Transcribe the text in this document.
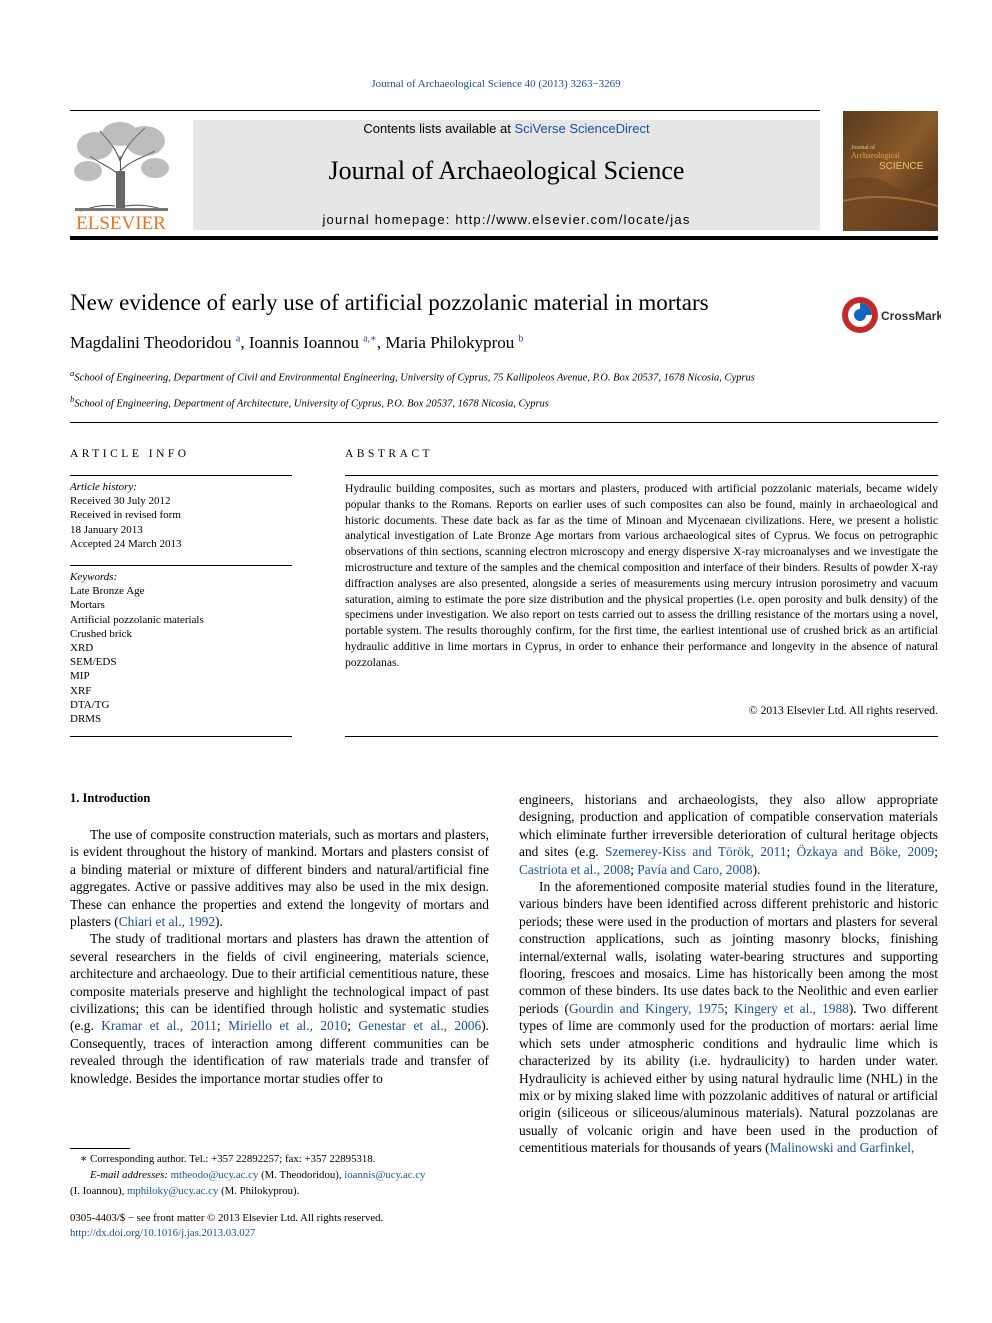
Journal of Archaeological Science 40 (2013) 3263−3269
ELSEVIER
Contents lists available at SciVerse ScienceDirect
Journal of Archaeological Science
journal homepage: http://www.elsevier.com/locate/jas
Journal of
Archaeological
SCIENCE
New evidence of early use of artificial pozzolanic material in mortars
CrossMark
Magdalini Theodoridou $^a$, Ioannis Ioannou $^{a,∗}$, Maria Philokyprou $^b$
$^a$School of Engineering, Department of Civil and Environmental Engineering, University of Cyprus, 75 Kallipoleos Avenue, P.O. Box 20537, 1678 Nicosia, Cyprus
$^b$School of Engineering, Department of Architecture, University of Cyprus, P.O. Box 20537, 1678 Nicosia, Cyprus
ARTICLE INFO
Article history:
Received 30 July 2012
Received in revised form
18 January 2013
Accepted 24 March 2013
Keywords:
Late Bronze Age
Mortars
Artificial pozzolanic materials
Crushed brick
XRD
SEM/EDS
MIP
XRF
DTA/TG
DRMS
ABSTRACT
Hydraulic building composites, such as mortars and plasters, produced with artificial pozzolanic materials, became widely popular thanks to the Romans. Reports on earlier uses of such composites can also be found, mainly in archaeological and historic documents. These date back as far as the time of Minoan and Mycenaean civilizations. Here, we present a holistic analytical investigation of Late Bronze Age mortars from various archaeological sites of Cyprus. We focus on petrographic observations of thin sections, scanning electron microscopy and energy dispersive X-ray microanalyses and we investigate the microstructure and texture of the samples and the chemical composition and interface of their binders. Results of powder X-ray diffraction analyses are also presented, alongside a series of measurements using mercury intrusion porosimetry and vacuum saturation, aiming to estimate the pore size distribution and the physical properties (i.e. open porosity and bulk density) of the specimens under investigation. We also report on tests carried out to assess the drilling resistance of the mortars using a novel, portable system. The results thoroughly confirm, for the first time, the earliest intentional use of crushed brick as an artificial hydraulic additive in lime mortars in Cyprus, in order to enhance their performance and longevity in the absence of natural pozzolanas.
© 2013 Elsevier Ltd. All rights reserved.
1. Introduction

The use of composite construction materials, such as mortars and plasters, is evident throughout the history of mankind. Mortars and plasters consist of a binding material or mixture of different binders and natural/artificial fine aggregates. Active or passive additives may also be used in the mix design. These can enhance the properties and extend the longevity of mortars and plasters (Chiari et al., 1992).

The study of traditional mortars and plasters has drawn the attention of several researchers in the fields of civil engineering, materials science, architecture and archaeology. Due to their artificial cementitious nature, these composite materials preserve and highlight the technological impact of past civilizations; this can be identified through holistic and systematic studies (e.g. Kramar et al., 2011; Miriello et al., 2010; Genestar et al., 2006). Consequently, traces of interaction among different communities can be revealed through the identification of raw materials trade and transfer of knowledge. Besides the importance mortar studies offer to

engineers, historians and archaeologists, they also allow appropriate designing, production and application of compatible conservation materials which eliminate further irreversible deterioration of cultural heritage objects and sites (e.g. Szemerey-Kiss and Török, 2011; Özkaya and Böke, 2009; Castriota et al., 2008; Pavía and Caro, 2008).

In the aforementioned composite material studies found in the literature, various binders have been identified across different prehistoric and historic periods; these were used in the production of mortars and plasters for several construction applications, such as jointing masonry blocks, finishing internal/external walls, isolating water-bearing structures and supporting flooring, frescoes and mosaics. Lime has historically been among the most common of these binders. Its use dates back to the Neolithic and even earlier periods (Gourdin and Kingery, 1975; Kingery et al., 1988). Two different types of lime are commonly used for the production of mortars: aerial lime which sets under atmospheric conditions and hydraulic lime which is characterized by its ability (i.e. hydraulicity) to harden under water. Hydraulicity is achieved either by using natural hydraulic lime (NHL) in the mix or by mixing slaked lime with pozzolanic additives of natural or artificial origin (siliceous or siliceous/aluminous materials). Natural pozzolanas are usually of volcanic origin and have been used in the production of cementitious materials for thousands of years (Malinowski and Garfinkel,

∗ Corresponding author. Tel.: +357 22892257; fax: +357 22895318.
E-mail addresses: mtheodo@ucy.ac.cy (M. Theodoridou), ioannis@ucy.ac.cy
(I. Ioannou), mphiloky@ucy.ac.cy (M. Philokyprou).
0305-4403/$ − see front matter © 2013 Elsevier Ltd. All rights reserved.
http://dx.doi.org/10.1016/j.jas.2013.03.027
